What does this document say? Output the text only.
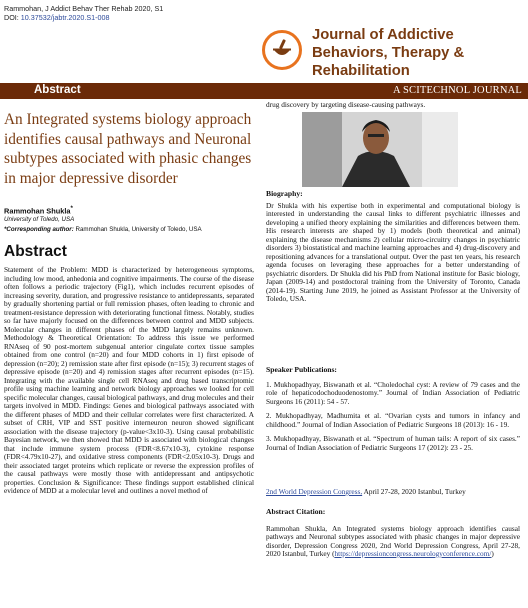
Rammohan, J Addict Behav Ther Rehab 2020, S1
DOI: 10.37532/jabtr.2020.S1-008
Journal of Addictive
Behaviors, Therapy &
Rehabilitation
Abstract	A SCITECHNOL JOURNAL
An Integrated systems biology approach identifies causal pathways and Neuronal subtypes associated with phasic changes in major depressive disorder
Rammohan Shukla*
University of Toledo, USA
*Corresponding author: Rammohan Shukla, University of Toledo, USA
Abstract
Statement of the Problem: MDD is characterized by heterogeneous symptoms, including low mood, anhedonia and cognitive impairments. The course of the disease often follows a periodic trajectory (Fig1), which includes recurrent episodes of increasing severity, duration, and progressive resistance to antidepressants, separated by gradually shortening partial or full remission phases, often leading to chronic and treatment-resistance depression with deteriorating functional fitness. Notably, studies so far have majorly focused on the differences between control and MDD subjects. Molecular changes in different phases of the MDD largely remains unknown. Methodology & Theoretical Orientation: To address this issue we performed RNAseq of 90 post-mortem subgenual anterior cingulate cortex tissue samples obtained from one control (n=20) and four MDD cohorts in 1) first episode of depression (n=20); 2) remission state after first episode (n=15); 3) recurrent stages of depressive episode (n=20) and 4) remission stages after recurrent episodes (n=15). Integrating with the available single cell RNAseq and drug based transcriptomic profile using machine learning and network biology approaches we looked for cell specific molecular changes, causal biological pathways, and drug molecules and their targets involved in MDD. Findings: Genes and biological pathways associated with the different phases of MDD and their cellular correlates were first characterized. A subset of CRH, VIP and SST positive interneuron neuron showed significant association with the disease trajectory (p-value<3x10-3). Using causal probabilistic Bayesian network, we then showed that MDD is associated with biological changes that include immune system process (FDR<8.67x10-3), cytokine response (FDR<4.79x10-27), and oxidative stress components (FDR<2.05x10-3). Drugs and their associated target proteins which replicate or reverse the expression profiles of the causal pathways were mostly those with antidepressant and antipsychotic properties. Conclusion & Significance: These findings support established clinical evidence of MDD at a molecular level and outlines a novel method of
drug discovery by targeting disease-causing pathways.
Biography:
Dr Shukla with his expertise both in experimental and computational biology is interested in understanding the causal links to different psychiatric illnesses and developing a unified theory explaining the similarities and differences between them. His research interests are shaped by 1) models (both theoretical and animal) explaining the disease mechanisms 2) cellular micro-circuitry changes in psychiatric disorders 3) biostatistical and machine learning approaches and 4) drug-discovery and repositioning advances for a translational output. Over the past ten years, his research agenda focuses on leveraging these approaches for a better understanding of psychiatric disorders. Dr Shukla did his PhD from National institute for Basic biology, Japan (2009-14) and postdoctoral training from the University of Toronto, Canada (2014-19). Starting June 2019, he joined as Assistant Professor at the University of Toledo, USA.
Speaker Publications:
1. Mukhopadhyay, Biswanath et al. “Choledochal cyst: A review of 79 cases and the role of hepaticodochoduodenostomy.” Journal of Indian Association of Pediatric Surgeons 16 (2011): 54 - 57.
2. Mukhopadhyay, Madhumita et al. “Ovarian cysts and tumors in infancy and childhood.” Journal of Indian Association of Pediatric Surgeons 18 (2013): 16 - 19.
3. Mukhopadhyay, Biswanath et al. “Spectrum of human tails: A report of six cases.” Journal of Indian Association of Pediatric Surgeons 17 (2012): 23 - 25.
2nd World Depression Congress, April 27-28, 2020 Istanbul, Turkey
Abstract Citation:
Rammohan Shukla, An Integrated systems biology approach identifies causal pathways and Neuronal subtypes associated with phasic changes in major depressive disorder, Depression Congress 2020, 2nd World Depression Congress, April 27-28, 2020 Istanbul, Turkey (https://depressioncongress.neurologyconference.com/)
